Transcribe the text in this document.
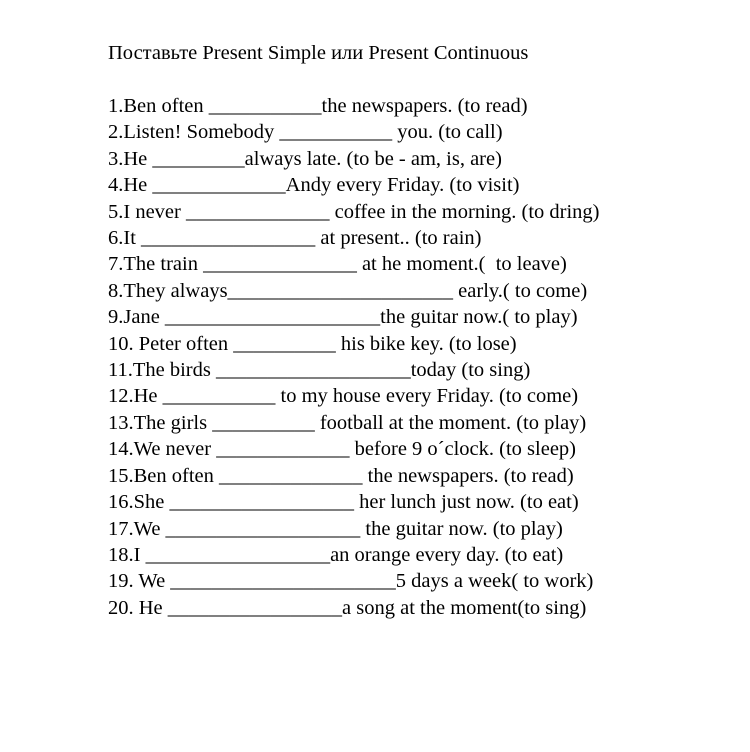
Поставьте Present Simple или Present Continuous
1.Ben often ___________the newspapers. (to read)
2.Listen! Somebody ___________ you. (to call)
3.He _________always late. (to be - am, is, are)
4.He _____________Andy every Friday. (to visit)
5.I never ______________ coffee in the morning. (to dring)
6.It _________________ at present.. (to rain)
7.The train _______________ at he moment.(  to leave)
8.They always______________________ early.( to come)
9.Jane _____________________the guitar now.( to play)
10. Peter often __________ his bike key. (to lose)
11.The birds ___________________today (to sing)
12.He ___________ to my house every Friday. (to come)
13.The girls __________ football at the moment. (to play)
14.We never _____________ before 9 o´clock. (to sleep)
15.Ben often ______________ the newspapers. (to read)
16.She __________________ her lunch just now. (to eat)
17.We ___________________ the guitar now. (to play)
18.I __________________an orange every day. (to eat)
19. We ______________________5 days a week( to work)
20. He _________________a song at the moment(to sing)
